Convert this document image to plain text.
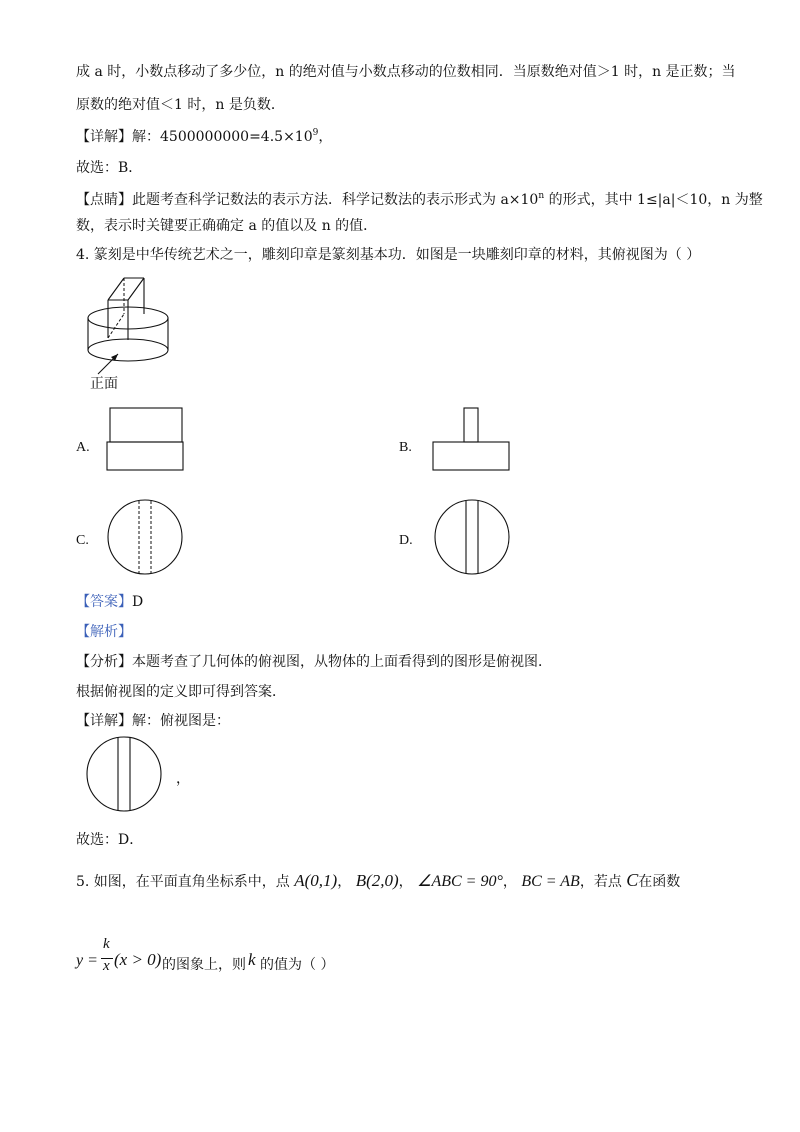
成 a 时，小数点移动了多少位，n 的绝对值与小数点移动的位数相同．当原数绝对值＞1 时，n 是正数；当
原数的绝对值＜1 时，n 是负数．
【详解】解：$4500000000=4.5\times 10^9$，
故选：B．
【点睛】此题考查科学记数法的表示方法．科学记数法的表示形式为 $a\times 10^n$ 的形式，其中 1≤|a|＜10，n 为整
数，表示时关键要正确确定 a 的值以及 n 的值．
4. 篆刻是中华传统艺术之一，雕刻印章是篆刻基本功．如图是一块雕刻印章的材料，其俯视图为（ ）
正面
A.	B.
C.	D.
【答案】D
【解析】
【分析】本题考查了几何体的俯视图，从物体的上面看得到的图形是俯视图．
根据俯视图的定义即可得到答案．
【详解】解：俯视图是：
，
故选：D．
5. 如图，在平面直角坐标系中，点 A(0,1)， B(2,0)， ∠ABC = 90°， BC = AB，若点 C在函数
y =
k
x (x > 0) 的图象上，则 k 的值为（ ）
